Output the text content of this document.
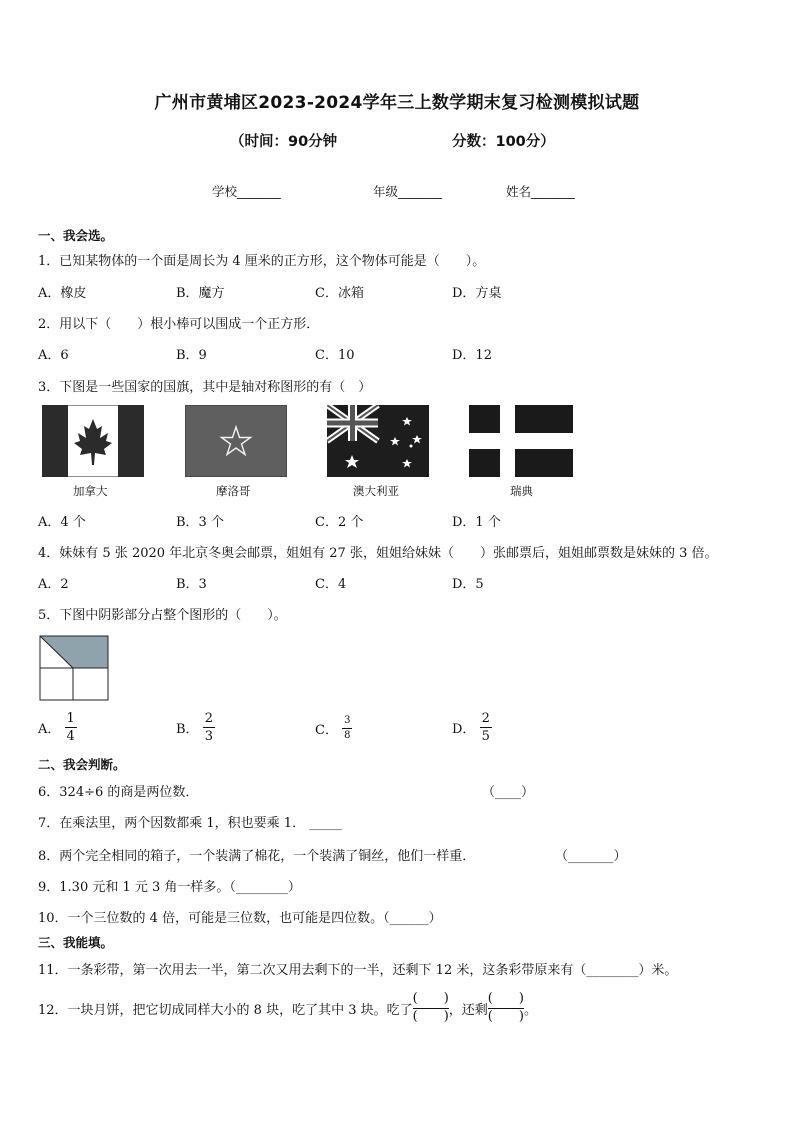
广州市黄埔区2023-2024学年三上数学期末复习检测模拟试题
（时间：90分钟	分数：100分）
学校_______	年级_______	姓名_______
一、我会选。
1．已知某物体的一个面是周长为 4 厘米的正方形，这个物体可能是（　　）。
A．橡皮	B．魔方	C．冰箱	D．方桌
2．用以下（　　）根小棒可以围成一个正方形．
A．6	B．9	C．10	D．12
3．下图是一些国家的国旗，其中是轴对称图形的有（　）
加拿大	摩洛哥	澳大利亚	瑞典
A．4 个	B．3 个	C．2 个	D．1 个
4．妹妹有 5 张 2020 年北京冬奥会邮票，姐姐有 27 张，姐姐给妹妹（　　）张邮票后，姐姐邮票数是妹妹的 3 倍。
A．2	B．3	C．4	D．5
5．下图中阴影部分占整个图形的（　　）。
A． $\frac{1}{4}$	B． $\frac{2}{3}$	C． $\frac{3}{8}$	D． $\frac{2}{5}$
二、我会判断。
6．324÷6 的商是两位数．	（____）
7．在乘法里，两个因数都乘 1，积也要乘 1． _____
8．两个完全相同的箱子，一个装满了棉花，一个装满了铜丝，他们一样重．	（_______）
9．1.30 元和 1 元 3 角一样多。（________）
10．一个三位数的 4 倍，可能是三位数，也可能是四位数。（______）
三、我能填。
11．一条彩带，第一次用去一半，第二次又用去剩下的一半，还剩下 12 米，这条彩带原来有（________）米。
12．一块月饼，把它切成同样大小的 8 块，吃了其中 3 块。吃了
(　　)
(　　) ，还剩
(　　)
(　　) 。
